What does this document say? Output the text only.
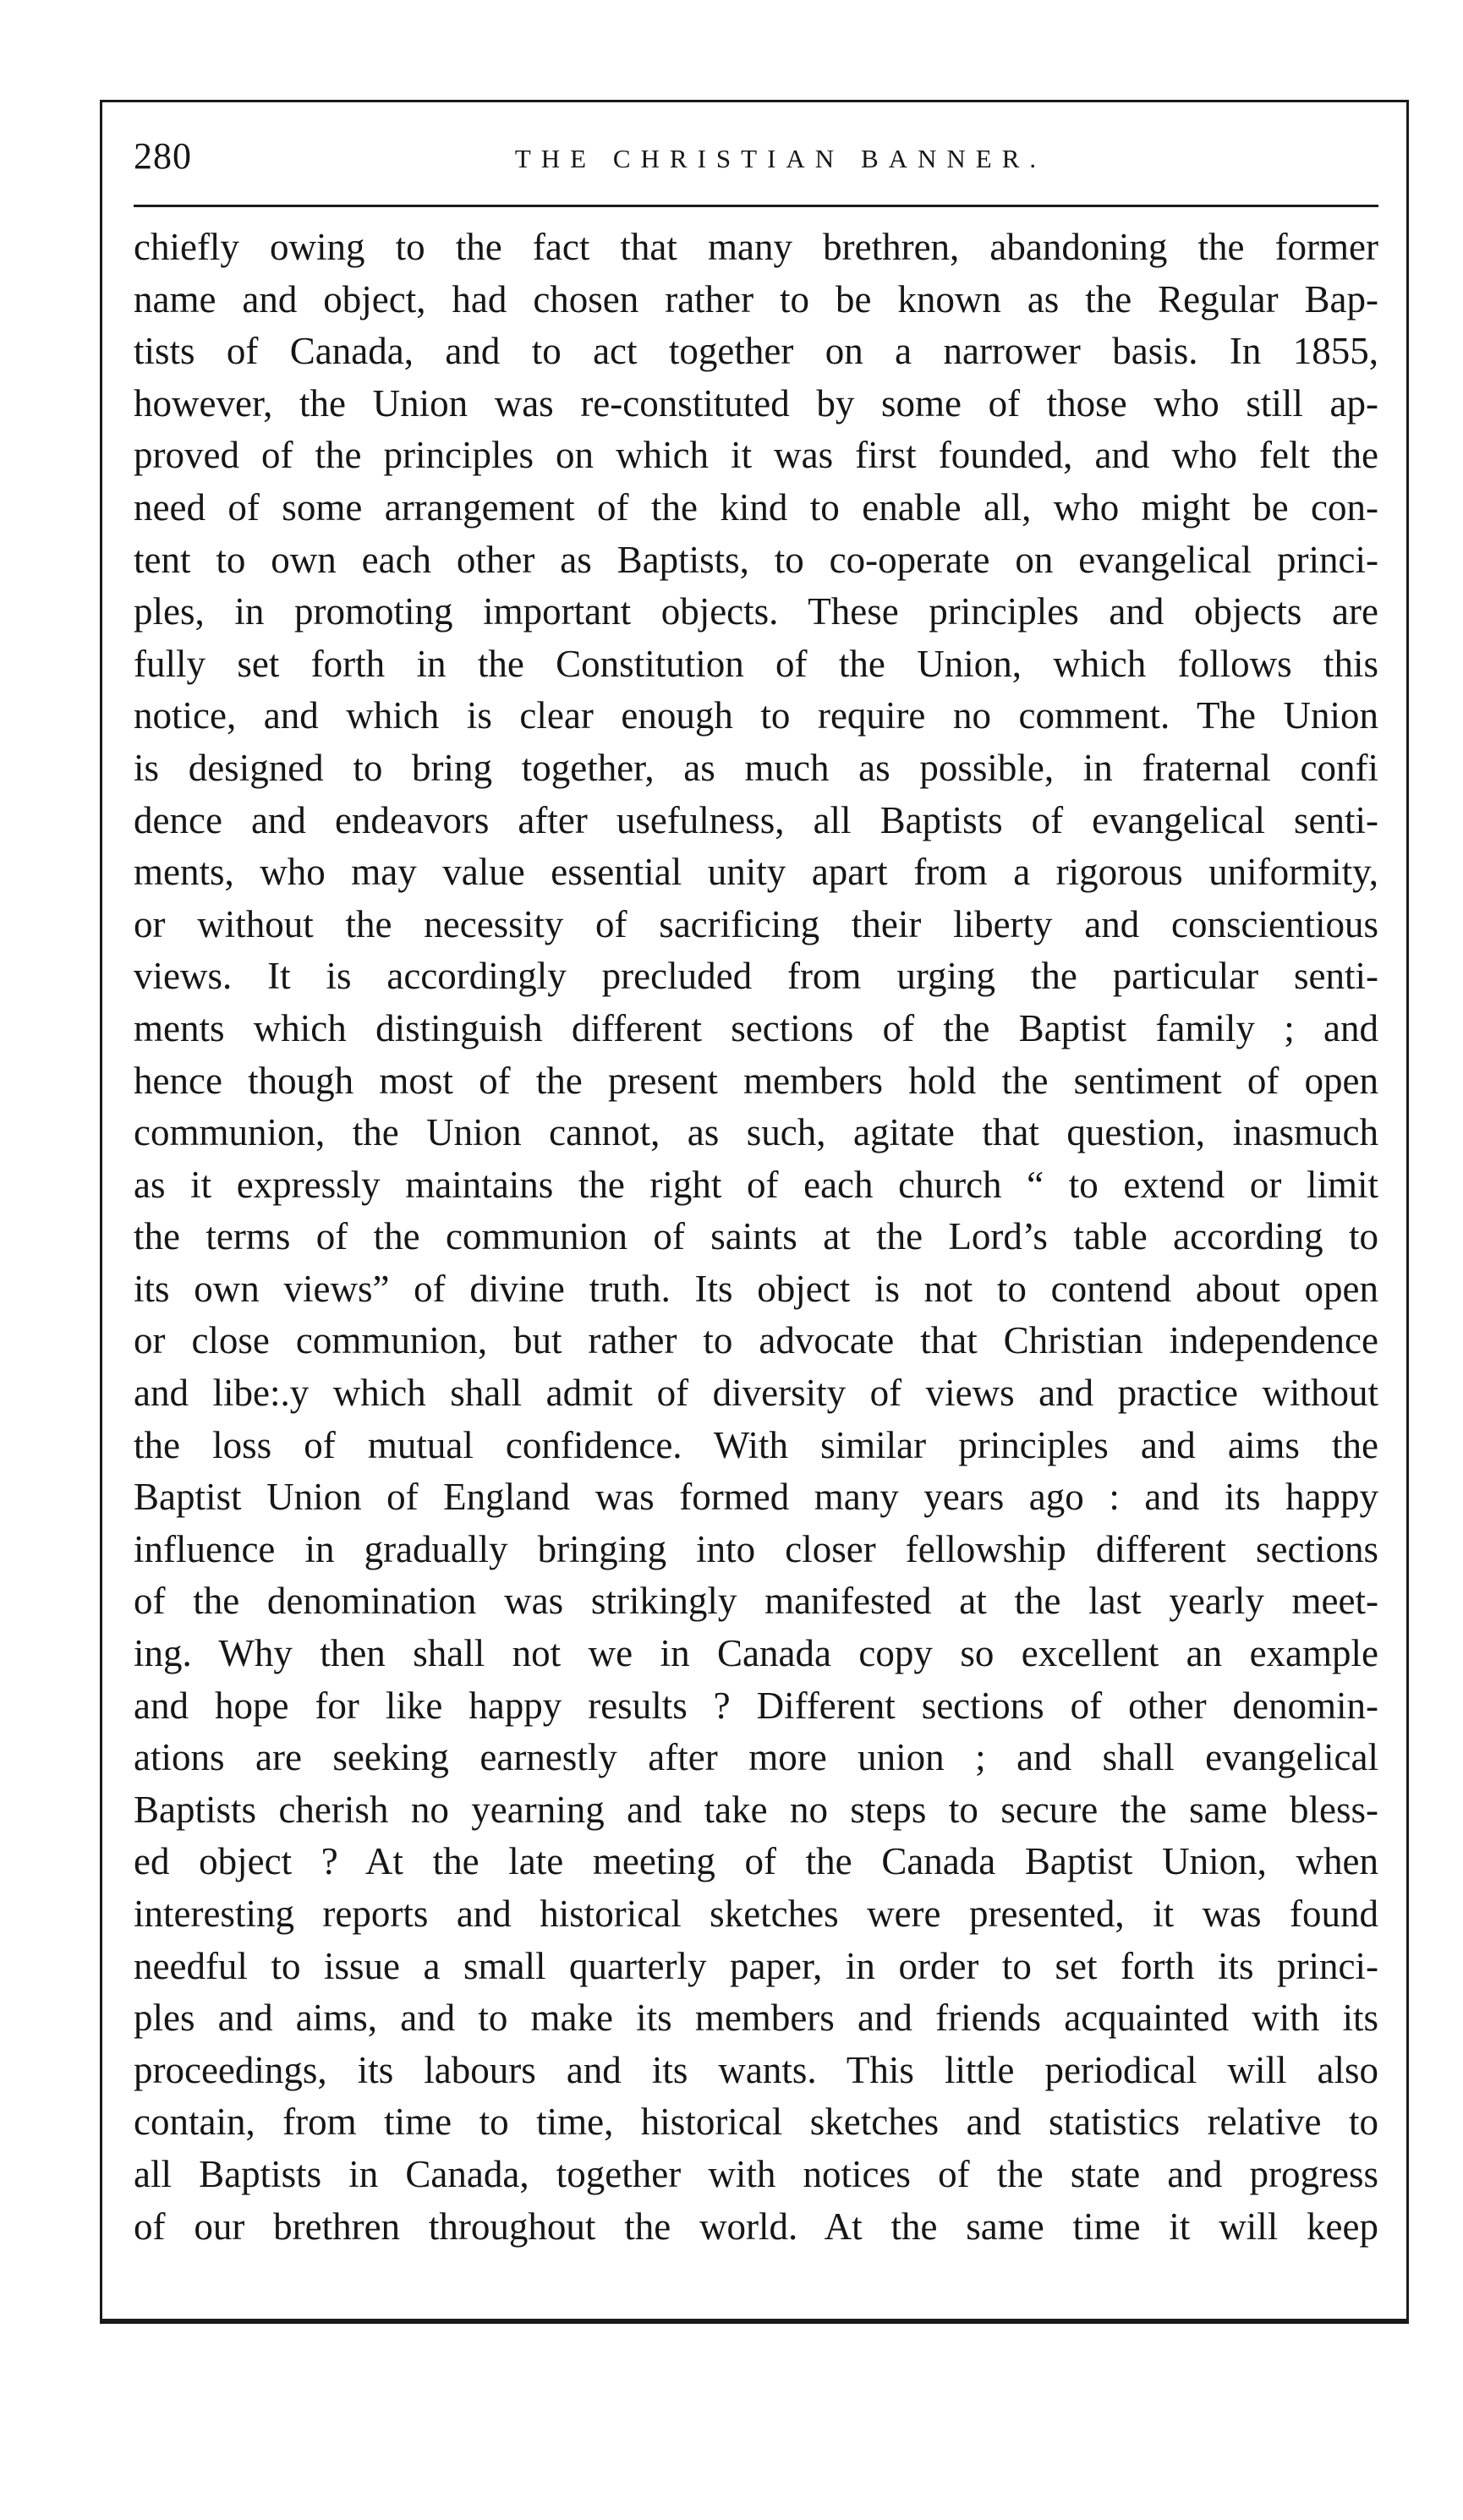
280	THE CHRISTIAN BANNER.
chiefly owing to the fact that many brethren, abandoning the former
name and object, had chosen rather to be known as the Regular Bap-
tists of Canada, and to act together on a narrower basis. In 1855,
however, the Union was re-constituted by some of those who still ap-
proved of the principles on which it was first founded, and who felt the
need of some arrangement of the kind to enable all, who might be con-
tent to own each other as Baptists, to co-operate on evangelical princi-
ples, in promoting important objects. These principles and objects are
fully set forth in the Constitution of the Union, which follows this
notice, and which is clear enough to require no comment. The Union
is designed to bring together, as much as possible, in fraternal confi
dence and endeavors after usefulness, all Baptists of evangelical senti-
ments, who may value essential unity apart from a rigorous uniformity,
or without the necessity of sacrificing their liberty and conscientious
views. It is accordingly precluded from urging the particular senti-
ments which distinguish different sections of the Baptist family ; and
hence though most of the present members hold the sentiment of open
communion, the Union cannot, as such, agitate that question, inasmuch
as it expressly maintains the right of each church “ to extend or limit
the terms of the communion of saints at the Lord’s table according to
its own views” of divine truth. Its object is not to contend about open
or close communion, but rather to advocate that Christian independence
and libe:.y which shall admit of diversity of views and practice without
the loss of mutual confidence. With similar principles and aims the
Baptist Union of England was formed many years ago : and its happy
influence in gradually bringing into closer fellowship different sections
of the denomination was strikingly manifested at the last yearly meet-
ing. Why then shall not we in Canada copy so excellent an example
and hope for like happy results ? Different sections of other denomin-
ations are seeking earnestly after more union ; and shall evangelical
Baptists cherish no yearning and take no steps to secure the same bless-
ed object ? At the late meeting of the Canada Baptist Union, when
interesting reports and historical sketches were presented, it was found
needful to issue a small quarterly paper, in order to set forth its princi-
ples and aims, and to make its members and friends acquainted with its
proceedings, its labours and its wants. This little periodical will also
contain, from time to time, historical sketches and statistics relative to
all Baptists in Canada, together with notices of the state and progress
of our brethren throughout the world. At the same time it will keep
